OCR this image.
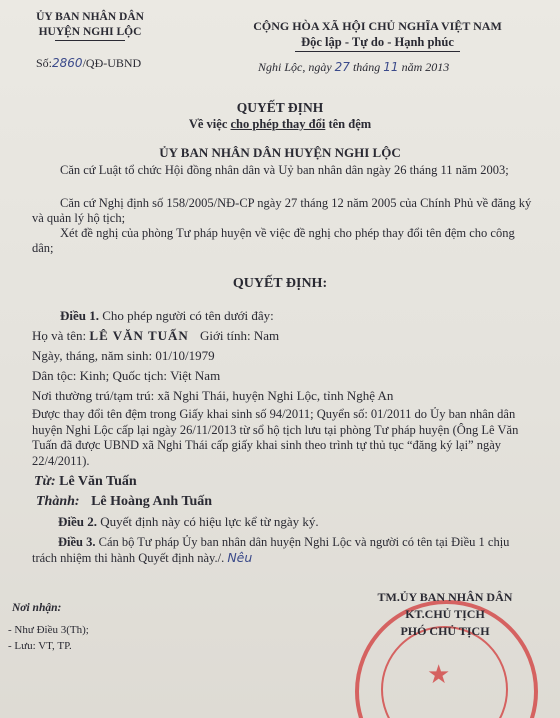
ỦY BAN NHÂN DÂN
HUYỆN NGHI LỘC	CỘNG HÒA XÃ HỘI CHỦ NGHĨA VIỆT NAM
Độc lập - Tự do - Hạnh phúc
Số:2860/QĐ-UBND	Nghi Lộc, ngày 27 tháng 11 năm 2013
QUYẾT ĐỊNH
Về việc cho phép thay đổi tên đệm
ỦY BAN NHÂN DÂN HUYỆN NGHI LỘC
Căn cứ Luật tổ chức Hội đồng nhân dân và Uỷ ban nhân dân ngày 26 tháng 11 năm 2003;
Căn cứ Nghị định số 158/2005/NĐ-CP ngày 27 tháng 12 năm 2005 của Chính Phủ về đăng ký và quản lý hộ tịch;
Xét đề nghị của phòng Tư pháp huyện về việc đề nghị cho phép thay đổi tên đệm cho công dân;
QUYẾT ĐỊNH:
Điều 1. Cho phép người có tên dưới đây:
Họ và tên: LÊ VĂN TUẤN Giới tính: Nam
Ngày, tháng, năm sinh: 01/10/1979
Dân tộc: Kinh; Quốc tịch: Việt Nam
Nơi thường trú/tạm trú: xã Nghi Thái, huyện Nghi Lộc, tỉnh Nghệ An
Được thay đổi tên đệm trong Giấy khai sinh số 94/2011; Quyển số: 01/2011 do Ủy ban nhân dân huyện Nghi Lộc cấp lại ngày 26/11/2013 từ sổ hộ tịch lưu tại phòng Tư pháp huyện (Ông Lê Văn Tuấn đã được UBND xã Nghi Thái cấp giấy khai sinh theo trình tự thủ tục “đăng ký lại” ngày 22/4/2011).
Từ: Lê Văn Tuấn
Thành: Lê Hoàng Anh Tuấn
Điều 2. Quyết định này có hiệu lực kể từ ngày ký.
Điều 3. Cán bộ Tư pháp Ủy ban nhân dân huyện Nghi Lộc và người có tên tại Điều 1 chịu trách nhiệm thi hành Quyết định này./. Nêu
Nơi nhận:
- Như Điều 3(Th);
- Lưu: VT, TP.
★
TM.ỦY BAN NHÂN DÂN
KT.CHỦ TỊCH
PHÓ CHỦ TỊCH
